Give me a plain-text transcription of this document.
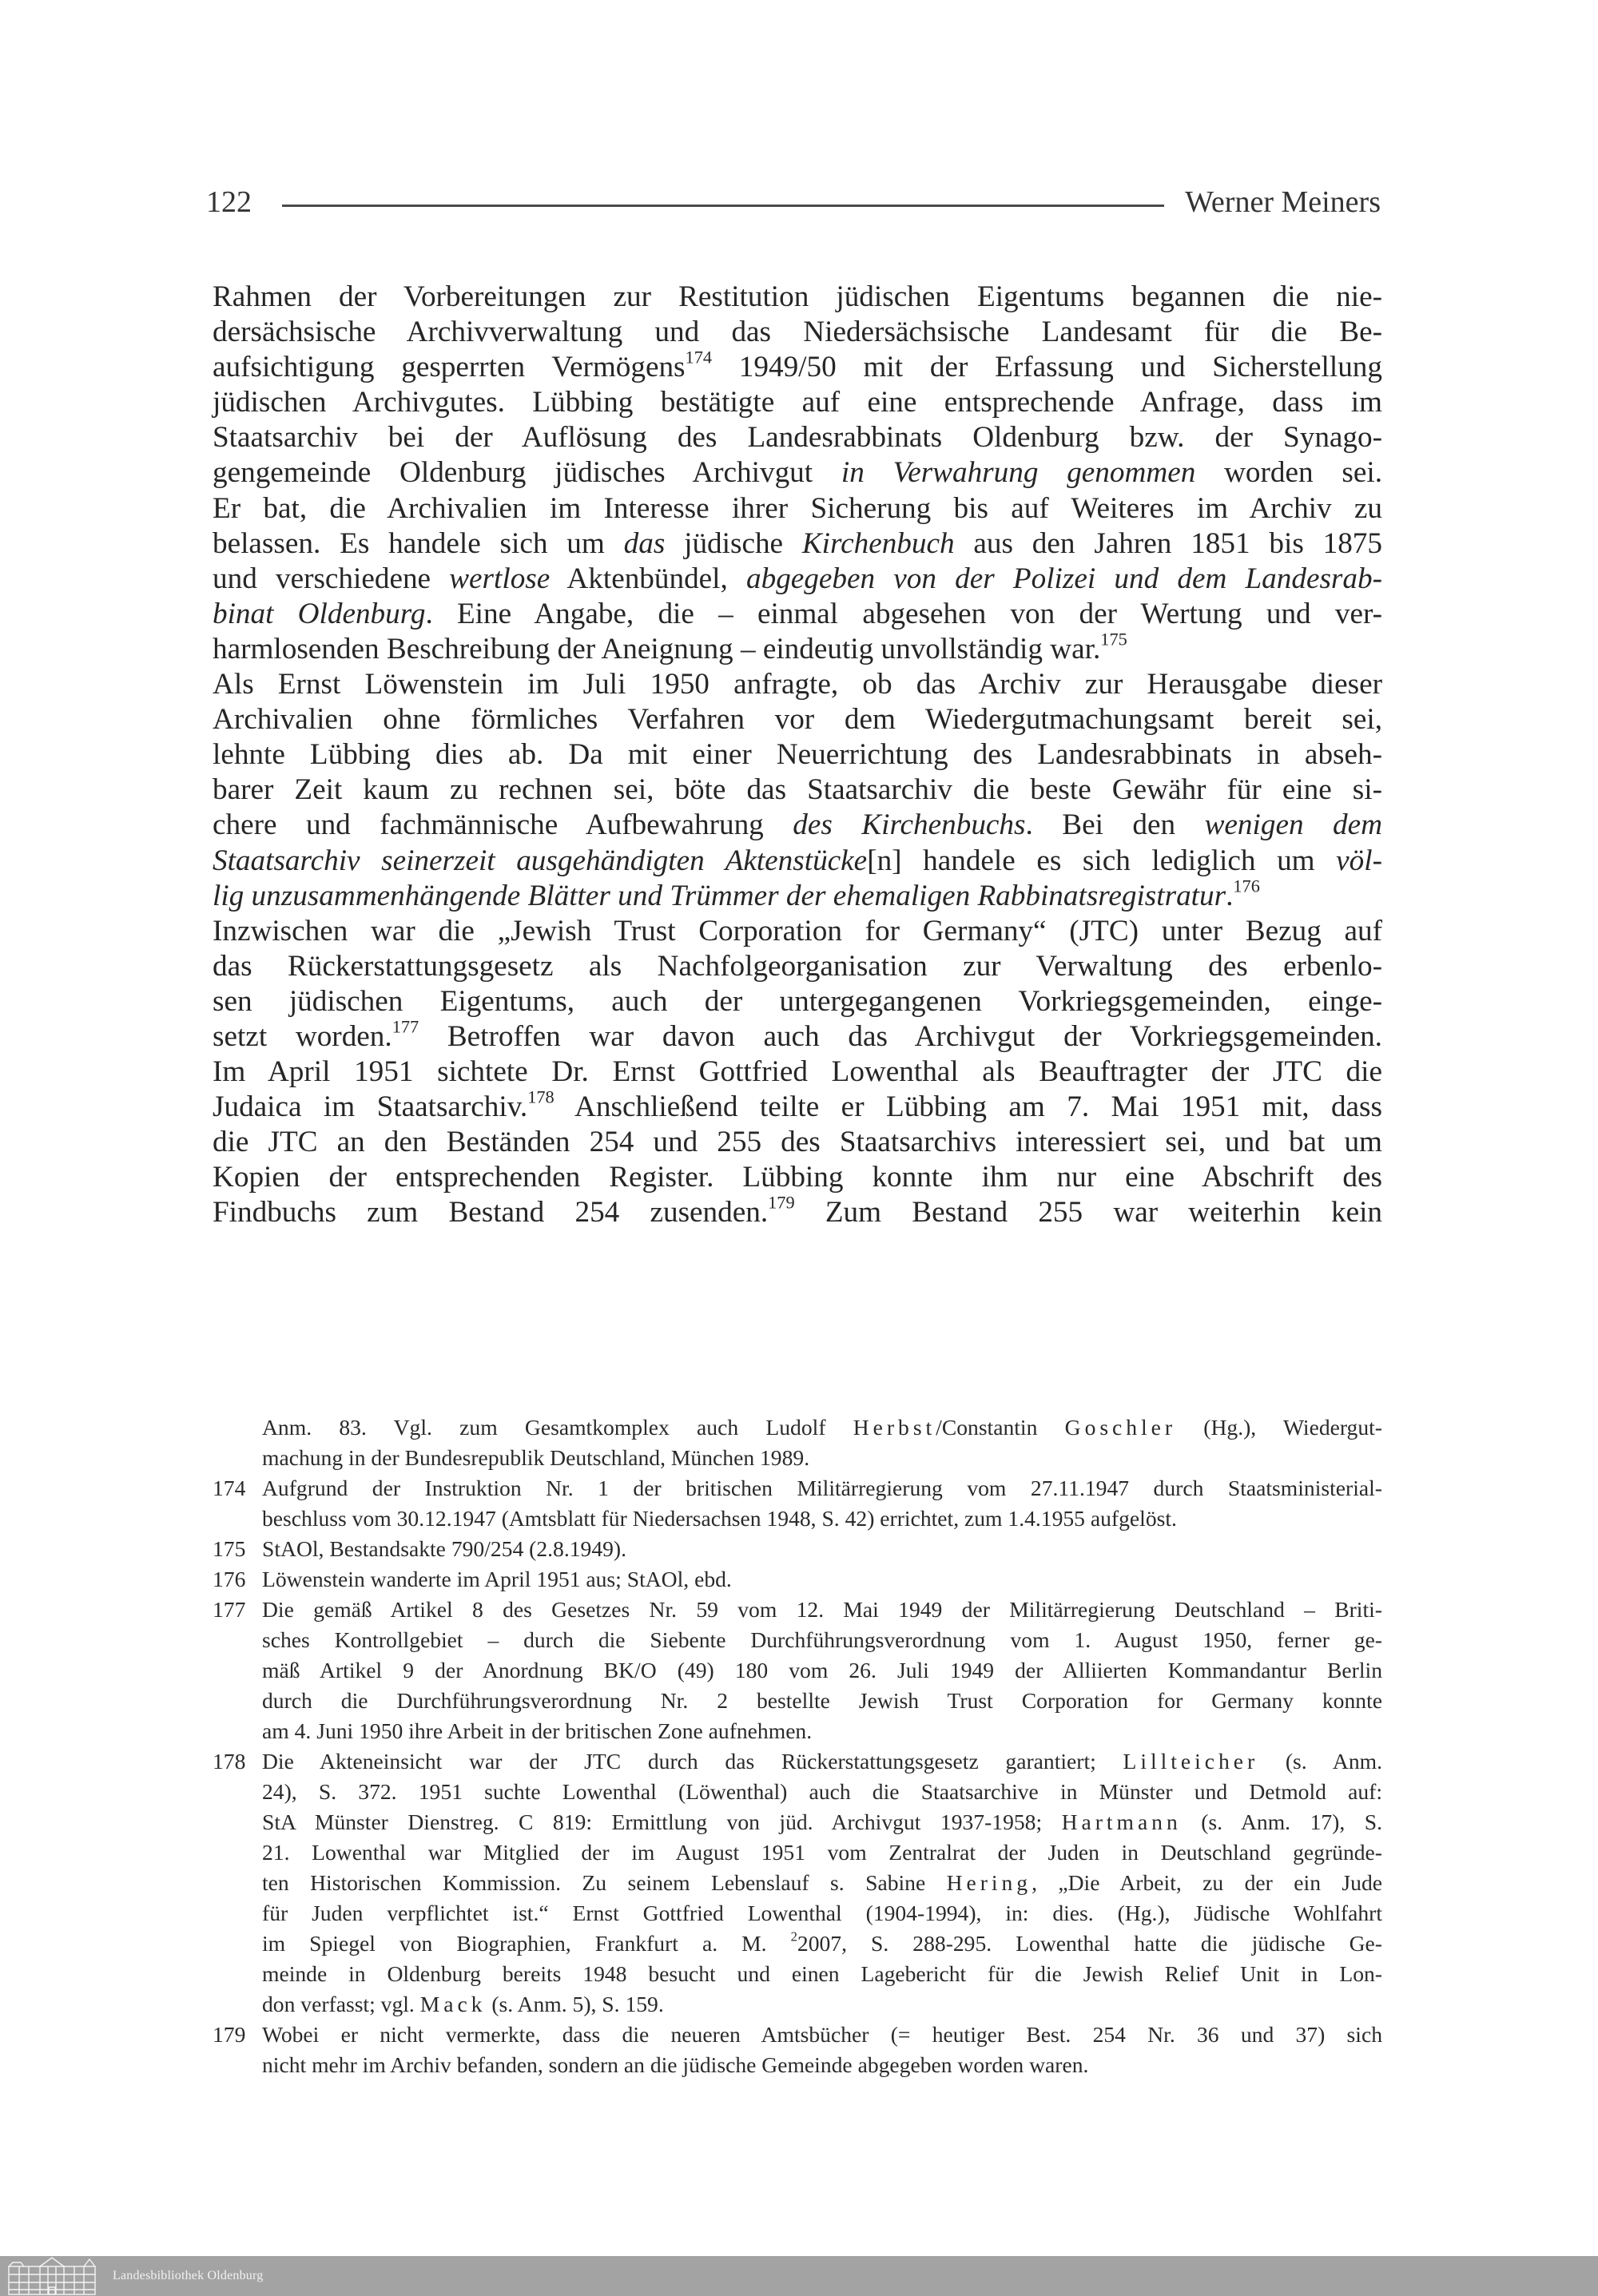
122	Werner Meiners
Rahmen der Vorbereitungen zur Restitution jüdischen Eigentums begannen die nie-
dersächsische Archivverwaltung und das Niedersächsische Landesamt für die Be-
aufsichtigung gesperrten Vermögens$^{174}$ 1949/50 mit der Erfassung und Sicherstellung
jüdischen Archivgutes. Lübbing bestätigte auf eine entsprechende Anfrage, dass im
Staatsarchiv bei der Auflösung des Landesrabbinats Oldenburg bzw. der Synago-
gengemeinde Oldenburg jüdisches Archivgut in Verwahrung genommen worden sei.
Er bat, die Archivalien im Interesse ihrer Sicherung bis auf Weiteres im Archiv zu
belassen. Es handele sich um das jüdische Kirchenbuch aus den Jahren 1851 bis 1875
und verschiedene wertlose Aktenbündel, abgegeben von der Polizei und dem Landesrab-
binat Oldenburg. Eine Angabe, die – einmal abgesehen von der Wertung und ver-
harmlosenden Beschreibung der Aneignung – eindeutig unvollständig war.$^{175}$
Als Ernst Löwenstein im Juli 1950 anfragte, ob das Archiv zur Herausgabe dieser
Archivalien ohne förmliches Verfahren vor dem Wiedergutmachungsamt bereit sei,
lehnte Lübbing dies ab. Da mit einer Neuerrichtung des Landesrabbinats in abseh-
barer Zeit kaum zu rechnen sei, böte das Staatsarchiv die beste Gewähr für eine si-
chere und fachmännische Aufbewahrung des Kirchenbuchs. Bei den wenigen dem
Staatsarchiv seinerzeit ausgehändigten Aktenstücke[n] handele es sich lediglich um völ-
lig unzusammenhängende Blätter und Trümmer der ehemaligen Rabbinatsregistratur.$^{176}$
Inzwischen war die „Jewish Trust Corporation for Germany“ (JTC) unter Bezug auf
das Rückerstattungsgesetz als Nachfolgeorganisation zur Verwaltung des erbenlo-
sen jüdischen Eigentums, auch der untergegangenen Vorkriegsgemeinden, einge-
setzt worden.$^{177}$ Betroffen war davon auch das Archivgut der Vorkriegsgemeinden.
Im April 1951 sichtete Dr. Ernst Gottfried Lowenthal als Beauftragter der JTC die
Judaica im Staatsarchiv.$^{178}$ Anschließend teilte er Lübbing am 7. Mai 1951 mit, dass
die JTC an den Beständen 254 und 255 des Staatsarchivs interessiert sei, und bat um
Kopien der entsprechenden Register. Lübbing konnte ihm nur eine Abschrift des
Findbuchs zum Bestand 254 zusenden.$^{179}$ Zum Bestand 255 war weiterhin kein
Anm. 83. Vgl. zum Gesamtkomplex auch Ludolf Herbst/Constantin Goschler (Hg.), Wiedergut-
machung in der Bundesrepublik Deutschland, München 1989.
174 Aufgrund der Instruktion Nr. 1 der britischen Militärregierung vom 27.11.1947 durch Staatsministerial-
beschluss vom 30.12.1947 (Amtsblatt für Niedersachsen 1948, S. 42) errichtet, zum 1.4.1955 aufgelöst.
175 StAOl, Bestandsakte 790/254 (2.8.1949).
176 Löwenstein wanderte im April 1951 aus; StAOl, ebd.
177 Die gemäß Artikel 8 des Gesetzes Nr. 59 vom 12. Mai 1949 der Militärregierung Deutschland – Briti-
sches Kontrollgebiet – durch die Siebente Durchführungsverordnung vom 1. August 1950, ferner ge-
mäß Artikel 9 der Anordnung BK/O (49) 180 vom 26. Juli 1949 der Alliierten Kommandantur Berlin
durch die Durchführungsverordnung Nr. 2 bestellte Jewish Trust Corporation for Germany konnte
am 4. Juni 1950 ihre Arbeit in der britischen Zone aufnehmen.
178 Die Akteneinsicht war der JTC durch das Rückerstattungsgesetz garantiert; Lillteicher (s. Anm.
24), S. 372. 1951 suchte Lowenthal (Löwenthal) auch die Staatsarchive in Münster und Detmold auf:
StA Münster Dienstreg. C 819: Ermittlung von jüd. Archivgut 1937-1958; Hartmann (s. Anm. 17), S.
21. Lowenthal war Mitglied der im August 1951 vom Zentralrat der Juden in Deutschland gegründe-
ten Historischen Kommission. Zu seinem Lebenslauf s. Sabine Hering, „Die Arbeit, zu der ein Jude
für Juden verpflichtet ist.“ Ernst Gottfried Lowenthal (1904-1994), in: dies. (Hg.), Jüdische Wohlfahrt
im Spiegel von Biographien, Frankfurt a. M. $^2$2007, S. 288-295. Lowenthal hatte die jüdische Ge-
meinde in Oldenburg bereits 1948 besucht und einen Lagebericht für die Jewish Relief Unit in Lon-
don verfasst; vgl. Mack (s. Anm. 5), S. 159.
179 Wobei er nicht vermerkte, dass die neueren Amtsbücher (= heutiger Best. 254 Nr. 36 und 37) sich
nicht mehr im Archiv befanden, sondern an die jüdische Gemeinde abgegeben worden waren.
Landesbibliothek Oldenburg
